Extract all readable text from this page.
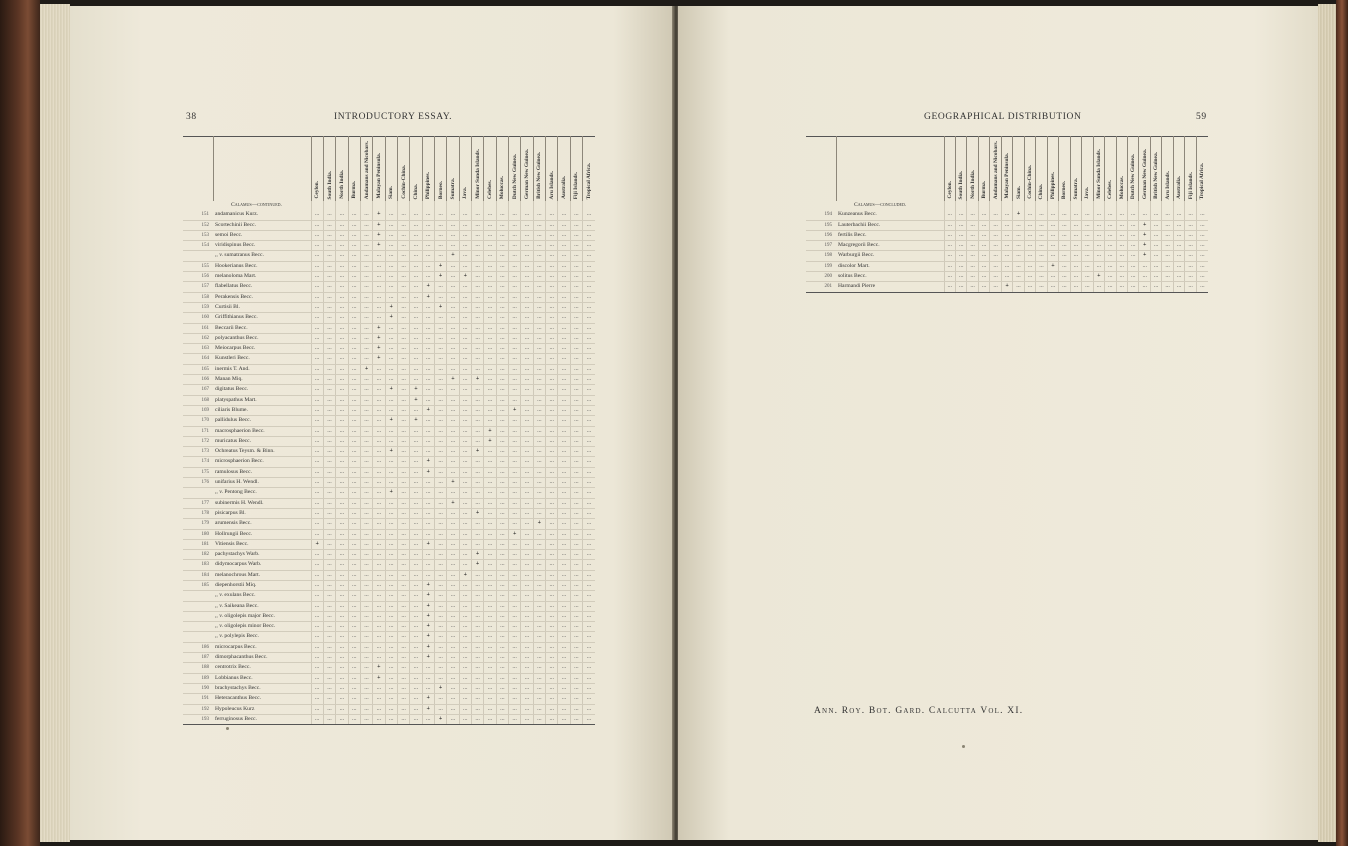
38	INTRODUCTORY ESSAY.	GEOGRAPHICAL DISTRIBUTION	59
		Ceylon.	South India.	North India.	Burma.	Andamans and Nicobars.	Malayan Peninsula.	Siam.	Cochin-China.	China.	Philippines.	Borneo.	Sumatra.	Java.	Minor Sunda Islands.	Celebes.	Moluccas.	Dutch New Guinea.	German New Guinea.	British New Guinea.	Aru Islands.	Australia.	Fiji Islands.	Tropical Africa.
	Calamus—continued.																							
151	andamanicus Kurz.	...	...	...	...	...	+	...	...	...	...	...	...	...	...	...	...	...	...	...	...	...	...	...
152	Scortechinii Becc.	...	...	...	...	...	+	...	...	...	...	...	...	...	...	...	...	...	...	...	...	...	...	...
153	semoi Becc.	...	...	...	...	...	+	...	...	...	...	...	...	...	...	...	...	...	...	...	...	...	...	...
154	viridispinus Becc.	...	...	...	...	...	+	...	...	...	...	...	...	...	...	...	...	...	...	...	...	...	...	...
	,, v. sumatranus Becc.	...	...	...	...	...	...	...	...	...	...	...	+	...	...	...	...	...	...	...	...	...	...	...
155	Hookerianus Becc.	...	...	...	...	...	...	...	...	...	...	+	...	...	...	...	...	...	...	...	...	...	...	...
156	melanoloma Mart.	...	...	...	...	...	...	...	...	...	...	+	...	+	...	...	...	...	...	...	...	...	...	...
157	flabellatus Becc.	...	...	...	...	...	...	...	...	...	+	...	...	...	...	...	...	...	...	...	...	...	...	...
158	Perakensis Becc.	...	...	...	...	...	...	...	...	...	+	...	...	...	...	...	...	...	...	...	...	...	...	...
159	Curtisii Bl.	...	...	...	...	...	...	+	...	...	...	+	...	...	...	...	...	...	...	...	...	...	...	...
160	Griffithianus Becc.	...	...	...	...	...	...	+	...	...	...	...	...	...	...	...	...	...	...	...	...	...	...	...
161	Beccarii Becc.	...	...	...	...	...	+	...	...	...	...	...	...	...	...	...	...	...	...	...	...	...	...	...
162	polyacanthus Becc.	...	...	...	...	...	+	...	...	...	...	...	...	...	...	...	...	...	...	...	...	...	...	...
163	Meiocarpus Becc.	...	...	...	...	...	+	...	...	...	...	...	...	...	...	...	...	...	...	...	...	...	...	...
164	Kunstleri Becc.	...	...	...	...	...	+	...	...	...	...	...	...	...	...	...	...	...	...	...	...	...	...	...
165	inermis T. And.	...	...	...	...	+	...	...	...	...	...	...	...	...	...	...	...	...	...	...	...	...	...	...
166	Manan Miq.	...	...	...	...	...	...	...	...	...	...	...	+	...	+	...	...	...	...	...	...	...	...	...
167	digitatus Becc.	...	...	...	...	...	...	+	...	+	...	...	...	...	...	...	...	...	...	...	...	...	...	...
168	platyspathus Mart.	...	...	...	...	...	...	...	...	+	...	...	...	...	...	...	...	...	...	...	...	...	...	...
169	ciliaris Blume.	...	...	...	...	...	...	...	...	...	+	...	...	...	...	...	...	+	...	...	...	...	...	...
170	pallidulus Becc.	...	...	...	...	...	...	+	...	+	...	...	...	...	...	...	...	...	...	...	...	...	...	...
171	macrosphaerion Becc.	...	...	...	...	...	...	...	...	...	...	...	...	...	...	+	...	...	...	...	...	...	...	...
172	muricatus Becc.	...	...	...	...	...	...	...	...	...	...	...	...	...	...	+	...	...	...	...	...	...	...	...
173	Ochreatus Teysm. & Binn.	...	...	...	...	...	...	+	...	...	...	...	...	...	+	...	...	...	...	...	...	...	...	...
174	microsphaerion Becc.	...	...	...	...	...	...	...	...	...	+	...	...	...	...	...	...	...	...	...	...	...	...	...
175	ramulosus Becc.	...	...	...	...	...	...	...	...	...	+	...	...	...	...	...	...	...	...	...	...	...	...	...
176	unifarius H. Wendl.	...	...	...	...	...	...	...	...	...	...	...	+	...	...	...	...	...	...	...	...	...	...	...
	,, v. Pentong Becc.	...	...	...	...	...	...	+	...	...	...	...	...	...	...	...	...	...	...	...	...	...	...	...
177	subinermis H. Wendl.	...	...	...	...	...	...	...	...	...	...	...	+	...	...	...	...	...	...	...	...	...	...	...
178	pisicarpus Bl.	...	...	...	...	...	...	...	...	...	...	...	...	...	+	...	...	...	...	...	...	...	...	...
179	arumensis Becc.	...	...	...	...	...	...	...	...	...	...	...	...	...	...	...	...	...	...	+	...	...	...	...
180	Hollrungii Becc.	...	...	...	...	...	...	...	...	...	...	...	...	...	...	...	...	+	...	...	...	...	...	...
181	Vitiensis Becc.	+	...	...	...	...	...	...	...	...	+	...	...	...	...	...	...	...	...	...	...	...	...	...
182	pachystachys Warb.	...	...	...	...	...	...	...	...	...	...	...	...	...	+	...	...	...	...	...	...	...	...	...
183	didymocarpus Warb.	...	...	...	...	...	...	...	...	...	...	...	...	...	+	...	...	...	...	...	...	...	...	...
184	melanochrous Mart.	...	...	...	...	...	...	...	...	...	...	...	...	+	...	...	...	...	...	...	...	...	...	...
185	diepenhorstii Miq.	...	...	...	...	...	...	...	...	...	+	...	...	...	...	...	...	...	...	...	...	...	...	...
	,, v. exulans Becc.	...	...	...	...	...	...	...	...	...	+	...	...	...	...	...	...	...	...	...	...	...	...	...
	,, v. Saikeana Becc.	...	...	...	...	...	...	...	...	...	+	...	...	...	...	...	...	...	...	...	...	...	...	...
	,, v. oligolepis major Becc.	...	...	...	...	...	...	...	...	...	+	...	...	...	...	...	...	...	...	...	...	...	...	...
	,, v. oligolepis minor Becc.	...	...	...	...	...	...	...	...	...	+	...	...	...	...	...	...	...	...	...	...	...	...	...
	,, v. polylepis Becc.	...	...	...	...	...	...	...	...	...	+	...	...	...	...	...	...	...	...	...	...	...	...	...
186	microcarpus Becc.	...	...	...	...	...	...	...	...	...	+	...	...	...	...	...	...	...	...	...	...	...	...	...
187	dimorphacanthus Becc.	...	...	...	...	...	...	...	...	...	+	...	...	...	...	...	...	...	...	...	...	...	...	...
188	centrotrix Becc.	...	...	...	...	...	+	...	...	...	...	...	...	...	...	...	...	...	...	...	...	...	...	...
189	Lobbianus Becc.	...	...	...	...	...	+	...	...	...	...	...	...	...	...	...	...	...	...	...	...	...	...	...
190	brachystachys Becc.	...	...	...	...	...	...	...	...	...	...	+	...	...	...	...	...	...	...	...	...	...	...	...
191	Heteracanthus Becc.	...	...	...	...	...	...	...	...	...	+	...	...	...	...	...	...	...	...	...	...	...	...	...
192	Hypoleucus Kurz	...	...	...	...	...	...	...	...	...	+	...	...	...	...	...	...	...	...	...	...	...	...	...
193	ferruginosus Becc.	...	...	...	...	...	...	...	...	...	...	+	...	...	...	...	...	...	...	...	...	...	...	...
		Ceylon.	South India.	North India.	Burma.	Andamans and Nicobars.	Malayan Peninsula.	Siam.	Cochin-China.	China.	Philippines.	Borneo.	Sumatra.	Java.	Minor Sunda Islands.	Celebes.	Moluccas.	Dutch New Guinea.	German New Guinea.	British New Guinea.	Aru Islands.	Australia.	Fiji Islands.	Tropical Africa.
	Calamus—concluded.																							
194	Kunzeanus Becc.	...	...	...	...	...	...	+	...	...	...	...	...	...	...	...	...	...	...	...	...	...	...	...
195	Lauterbachii Becc.	...	...	...	...	...	...	...	...	...	...	...	...	...	...	...	...	...	+	...	...	...	...	...
196	fertilis Becc.	...	...	...	...	...	...	...	...	...	...	...	...	...	...	...	...	...	+	...	...	...	...	...
197	Macgregorii Becc.	...	...	...	...	...	...	...	...	...	...	...	...	...	...	...	...	...	+	...	...	...	...	...
198	Warburgii Becc.	...	...	...	...	...	...	...	...	...	...	...	...	...	...	...	...	...	+	...	...	...	...	...
199	discolor Mart.	...	...	...	...	...	...	...	...	...	+	...	...	...	...	...	...	...	...	...	...	...	...	...
200	solitus Becc.	...	...	...	...	...	...	...	...	...	...	...	...	...	+	...	...	...	...	...	...	...	...	...
201	Harmandi Pierre	...	...	...	...	...	+	...	...	...	...	...	...	...	...	...	...	...	...	...	...	...	...	...
Ann. Roy. Bot. Gard. Calcutta Vol. XI.
